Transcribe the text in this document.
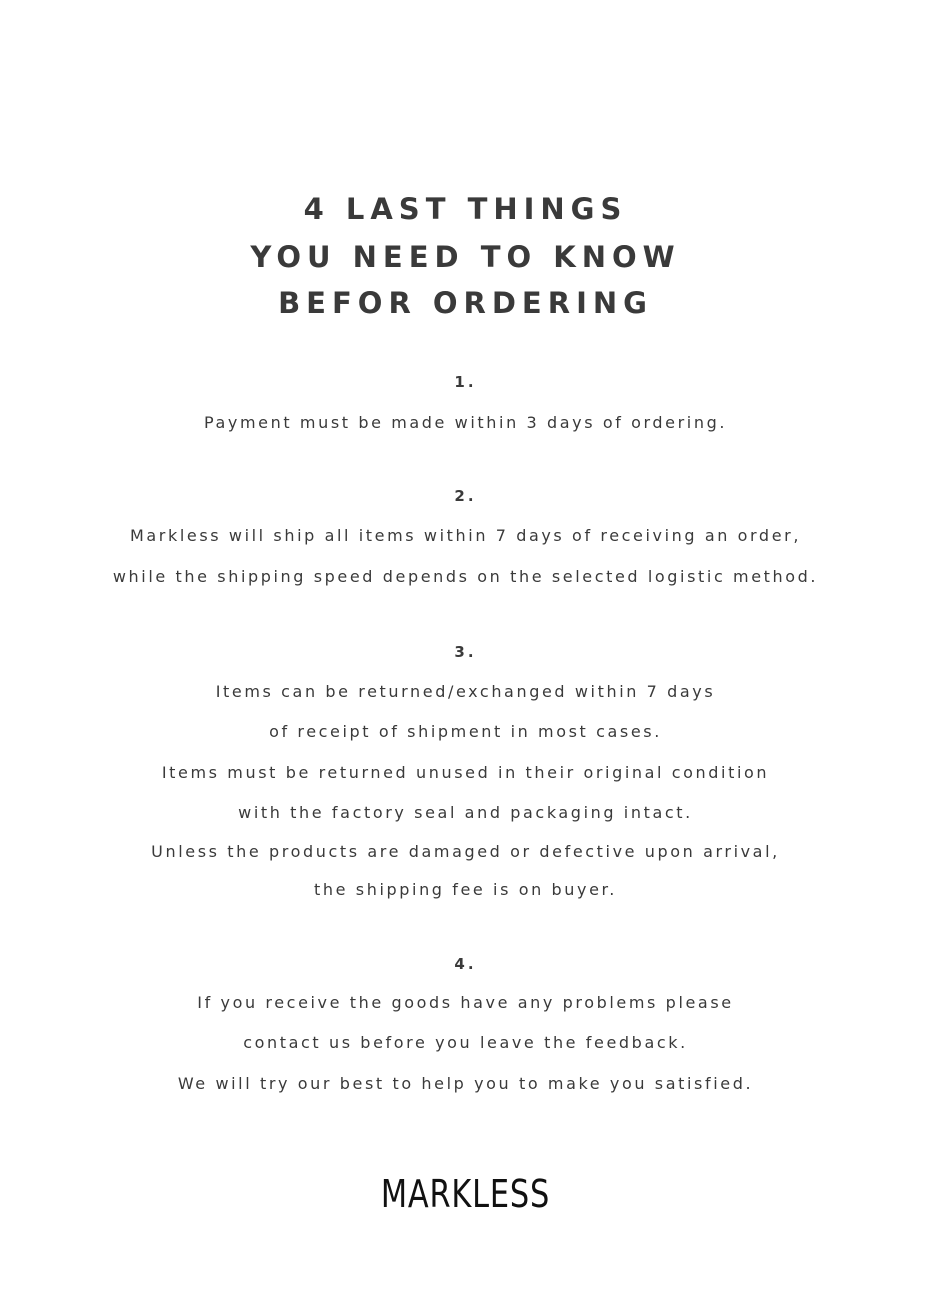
4 LAST THINGS
YOU NEED TO KNOW
BEFOR ORDERING
1.
Payment must be made within 3 days of ordering.
2.
Markless will ship all items within 7 days of receiving an order,
while the shipping speed depends on the selected logistic method.
3.
Items can be returned/exchanged within 7 days
of receipt of shipment in most cases.
Items must be returned unused in their original condition
with the factory seal and packaging intact.
Unless the products are damaged or defective upon arrival,
the shipping fee is on buyer.
4.
If you receive the goods have any problems please
contact us before you leave the feedback.
We will try our best to help you to make you satisfied.
MARKLESS
